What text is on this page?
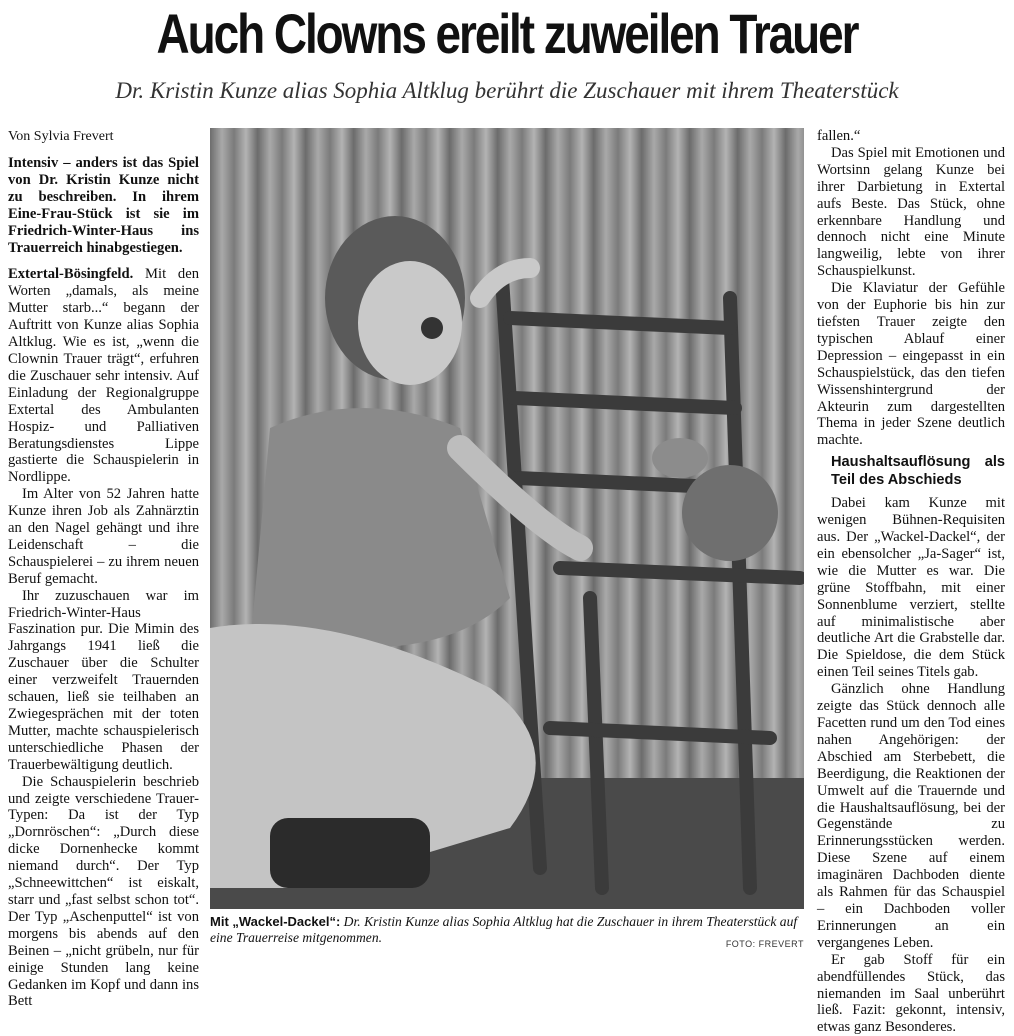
Auch Clowns ereilt zuweilen Trauer
Dr. Kristin Kunze alias Sophia Altklug berührt die Zuschauer mit ihrem Theaterstück

Von Sylvia Frevert

Intensiv – anders ist das Spiel von Dr. Kristin Kunze nicht zu beschreiben. In ihrem Eine-Frau-Stück ist sie im Friedrich-Winter-Haus ins Trauerreich hinabgestiegen.

Extertal-Bösingfeld. Mit den Worten „damals, als meine Mutter starb...“ begann der Auftritt von Kunze alias Sophia Altklug. Wie es ist, „wenn die Clownin Trauer trägt“, erfuhren die Zuschauer sehr intensiv. Auf Einladung der Regionalgruppe Extertal des Ambulanten Hospiz- und Palliativen Beratungsdienstes Lippe gastierte die Schauspielerin in Nordlippe.

Im Alter von 52 Jahren hatte Kunze ihren Job als Zahnärztin an den Nagel gehängt und ihre Leidenschaft – die Schauspielerei – zu ihrem neuen Beruf gemacht.

Ihr zuzuschauen war im Friedrich-Winter-Haus Faszination pur. Die Mimin des Jahrgangs 1941 ließ die Zuschauer über die Schulter einer verzweifelt Trauernden schauen, ließ sie teilhaben an Zwiegesprächen mit der toten Mutter, machte schauspielerisch unterschiedliche Phasen der Trauerbewältigung deutlich.

Die Schauspielerin beschrieb und zeigte verschiedene Trauer-Typen: Da ist der Typ „Dornröschen“: „Durch diese dicke Dornenhecke kommt niemand durch“. Der Typ „Schneewittchen“ ist eiskalt, starr und „fast selbst schon tot“. Der Typ „Aschenputtel“ ist von morgens bis abends auf den Beinen – „nicht grübeln, nur für einige Stunden lang keine Gedanken im Kopf und dann ins Bett

Mit „Wackel-Dackel“: Dr. Kristin Kunze alias Sophia Altklug hat die Zuschauer in ihrem Theaterstück auf eine Trauerreise mitgenommen.	FOTO: FREVERT

fallen.“

Das Spiel mit Emotionen und Wortsinn gelang Kunze bei ihrer Darbietung in Extertal aufs Beste. Das Stück, ohne erkennbare Handlung und dennoch nicht eine Minute langweilig, lebte von ihrer Schauspielkunst.

Die Klaviatur der Gefühle von der Euphorie bis hin zur tiefsten Trauer zeigte den typischen Ablauf einer Depression – eingepasst in ein Schauspielstück, das den tiefen Wissenshintergrund der Akteurin zum dargestellten Thema in jeder Szene deutlich machte.

Haushaltsauflösung als Teil des Abschieds

Dabei kam Kunze mit wenigen Bühnen-Requisiten aus. Der „Wackel-Dackel“, der ein ebensolcher „Ja-Sager“ ist, wie die Mutter es war. Die grüne Stoffbahn, mit einer Sonnenblume verziert, stellte auf minimalistische aber deutliche Art die Grabstelle dar. Die Spieldose, die dem Stück einen Teil seines Titels gab.

Gänzlich ohne Handlung zeigte das Stück dennoch alle Facetten rund um den Tod eines nahen Angehörigen: der Abschied am Sterbebett, die Beerdigung, die Reaktionen der Umwelt auf die Trauernde und die Haushaltsauflösung, bei der Gegenstände zu Erinnerungsstücken werden. Diese Szene auf einem imaginären Dachboden diente als Rahmen für das Schauspiel – ein Dachboden voller Erinnerungen an ein vergangenes Leben.

Er gab Stoff für ein abendfüllendes Stück, das niemanden im Saal unberührt ließ. Fazit: gekonnt, intensiv, etwas ganz Besonderes.
